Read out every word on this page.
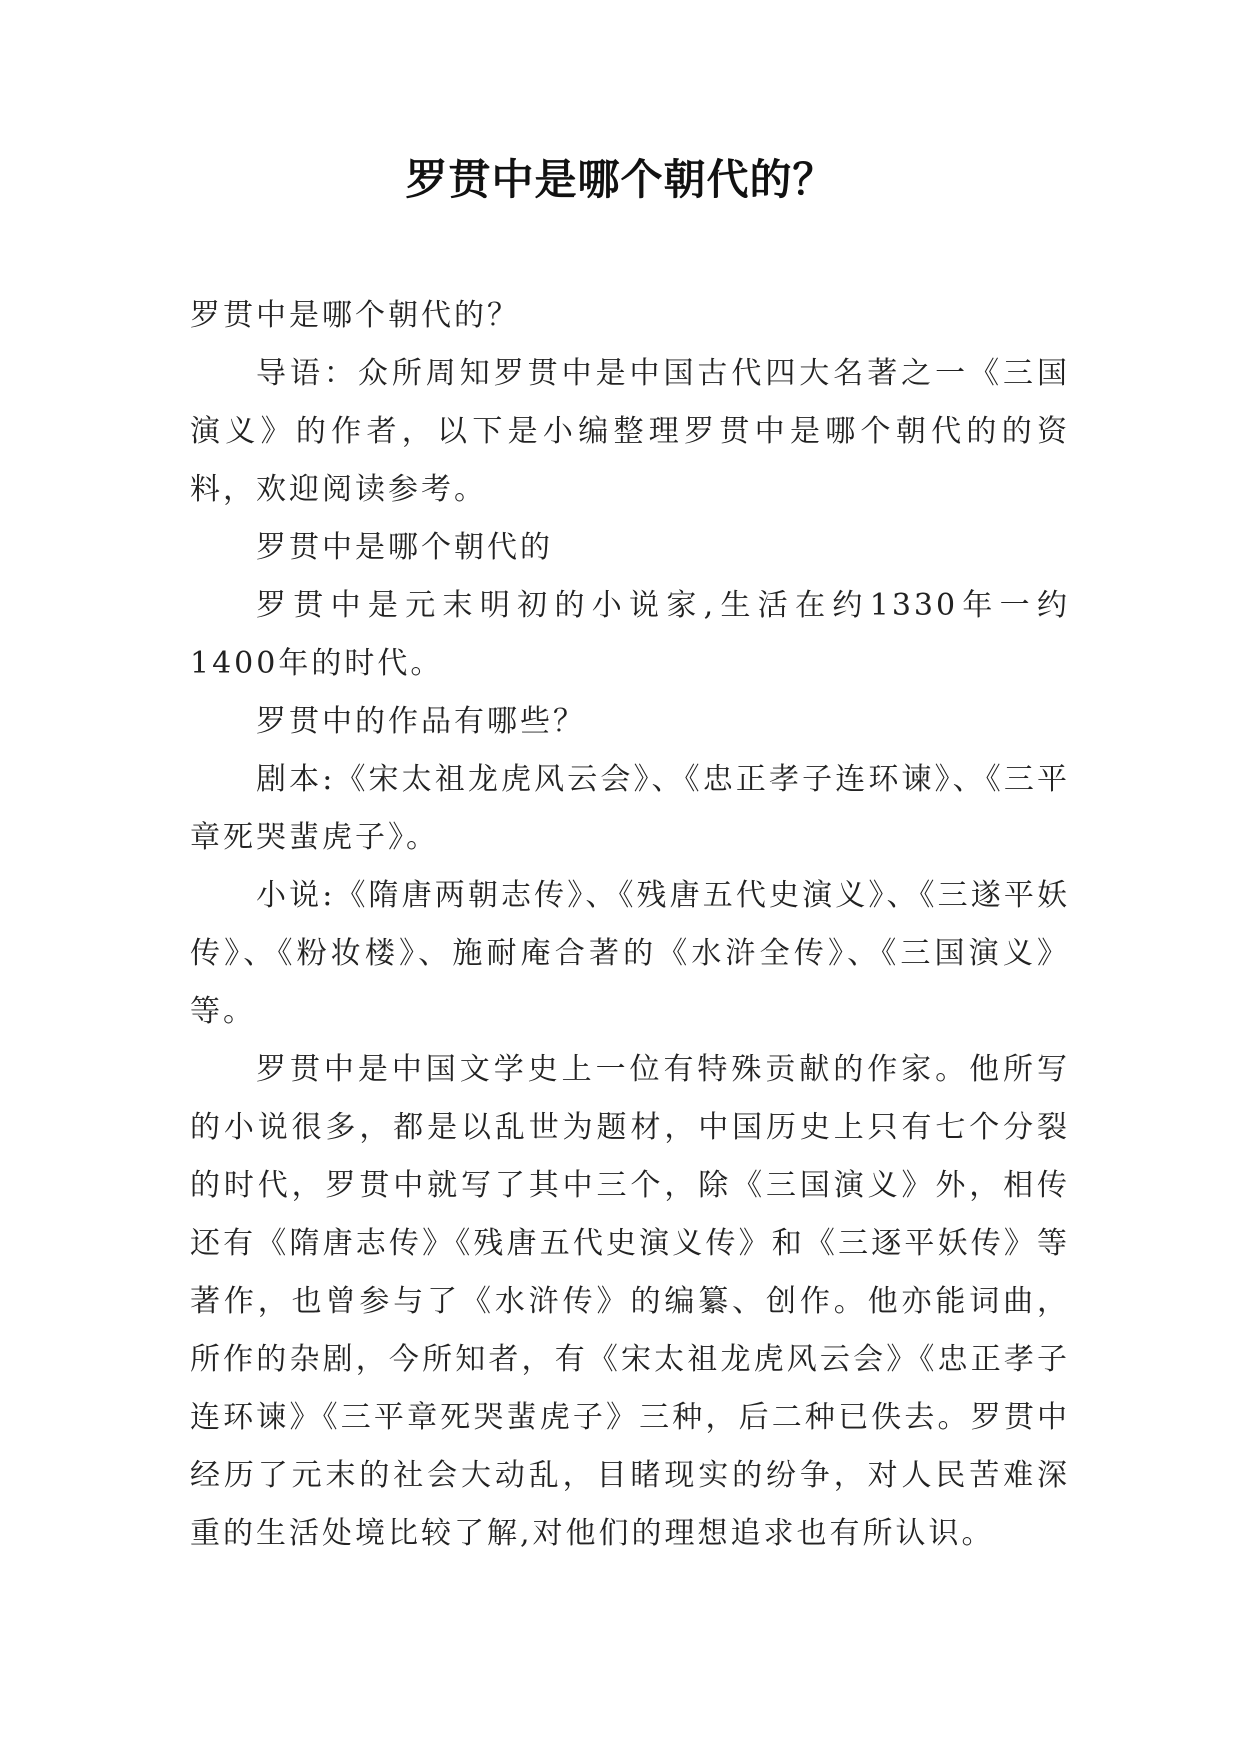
罗贯中是哪个朝代的？

罗贯中是哪个朝代的？

导语：众所周知罗贯中是中国古代四大名著之一《三国演义》的作者，以下是小编整理罗贯中是哪个朝代的的资料，欢迎阅读参考。

罗贯中是哪个朝代的

罗贯中是元末明初的小说家,生活在约1330年一约1400年的时代。

罗贯中的作品有哪些？

剧本:《宋太祖龙虎风云会》、《忠正孝子连环谏》、《三平章死哭蜚虎子》。

小说:《隋唐两朝志传》、《残唐五代史演义》、《三遂平妖传》、《粉妆楼》、施耐庵合著的《水浒全传》、《三国演义》等。

罗贯中是中国文学史上一位有特殊贡献的作家。他所写的小说很多，都是以乱世为题材，中国历史上只有七个分裂的时代，罗贯中就写了其中三个，除《三国演义》外，相传还有《隋唐志传》《残唐五代史演义传》和《三逐平妖传》等著作，也曾参与了《水浒传》的编纂、创作。他亦能词曲，所作的杂剧，今所知者，有《宋太祖龙虎风云会》《忠正孝子连环谏》《三平章死哭蜚虎子》三种，后二种已佚去。罗贯中经历了元末的社会大动乱，目睹现实的纷争，对人民苦难深重的生活处境比较了解,对他们的理想追求也有所认识。
